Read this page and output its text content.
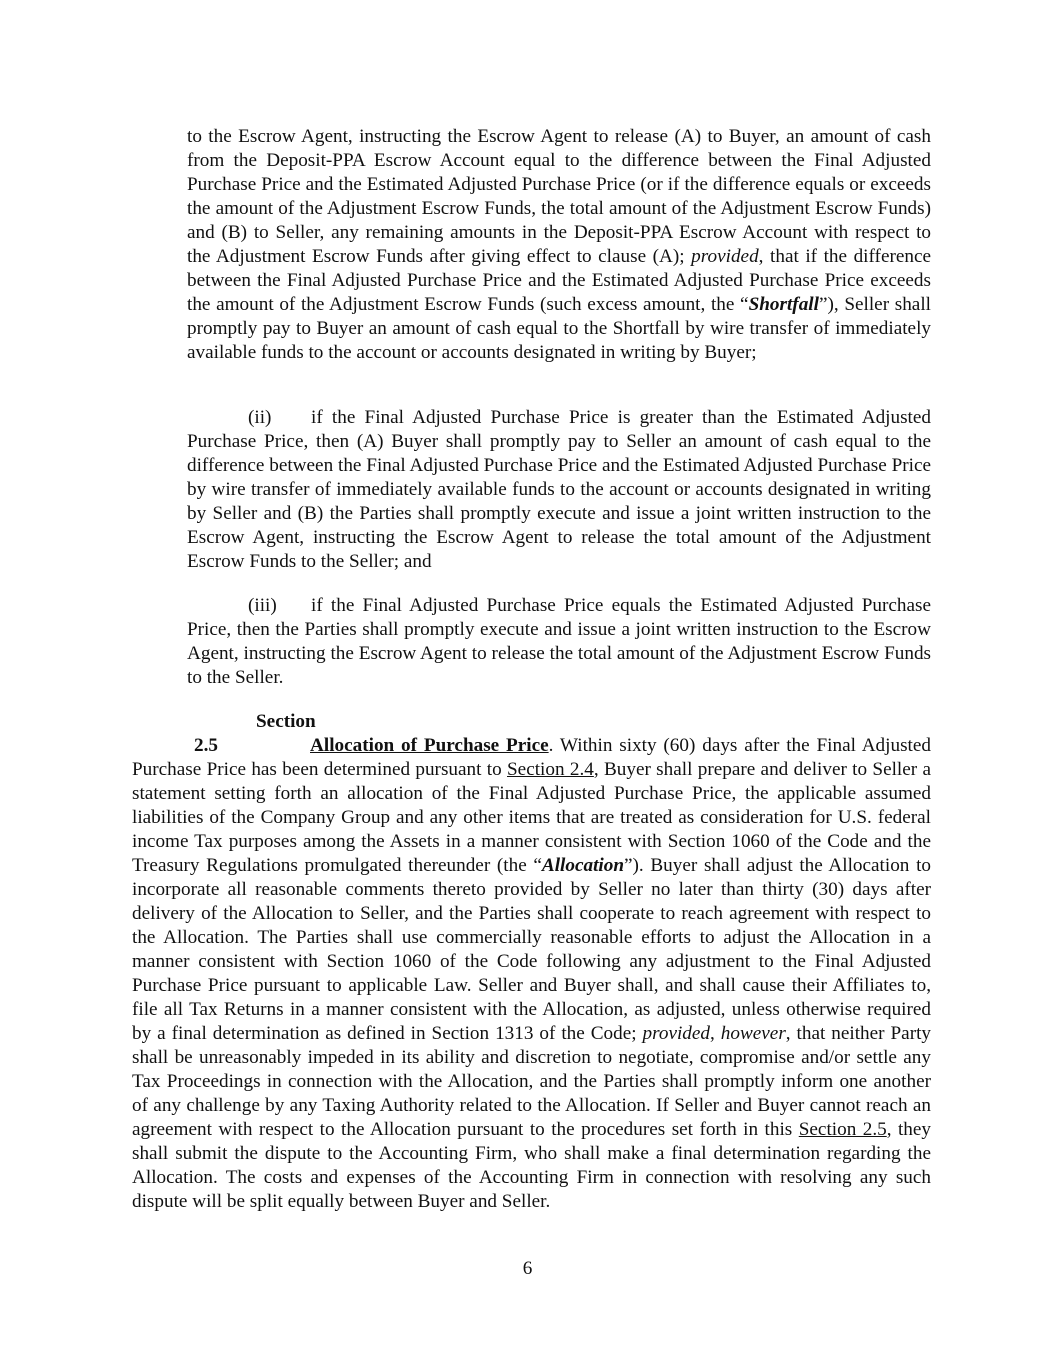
to the Escrow Agent, instructing the Escrow Agent to release (A) to Buyer, an amount of cash from the Deposit-PPA Escrow Account equal to the difference between the Final Adjusted Purchase Price and the Estimated Adjusted Purchase Price (or if the difference equals or exceeds the amount of the Adjustment Escrow Funds, the total amount of the Adjustment Escrow Funds) and (B) to Seller, any remaining amounts in the Deposit-PPA Escrow Account with respect to the Adjustment Escrow Funds after giving effect to clause (A); provided, that if the difference between the Final Adjusted Purchase Price and the Estimated Adjusted Purchase Price exceeds the amount of the Adjustment Escrow Funds (such excess amount, the “Shortfall”), Seller shall promptly pay to Buyer an amount of cash equal to the Shortfall by wire transfer of immediately available funds to the account or accounts designated in writing by Buyer;

(ii) if the Final Adjusted Purchase Price is greater than the Estimated Adjusted Purchase Price, then (A) Buyer shall promptly pay to Seller an amount of cash equal to the difference between the Final Adjusted Purchase Price and the Estimated Adjusted Purchase Price by wire transfer of immediately available funds to the account or accounts designated in writing by Seller and (B) the Parties shall promptly execute and issue a joint written instruction to the Escrow Agent, instructing the Escrow Agent to release the total amount of the Adjustment Escrow Funds to the Seller; and

(iii) if the Final Adjusted Purchase Price equals the Estimated Adjusted Purchase Price, then the Parties shall promptly execute and issue a joint written instruction to the Escrow Agent, instructing the Escrow Agent to release the total amount of the Adjustment Escrow Funds to the Seller.

Section 2.5	Allocation of Purchase Price. Within sixty (60) days after the Final Adjusted Purchase Price has been determined pursuant to Section 2.4, Buyer shall prepare and deliver to Seller a statement setting forth an allocation of the Final Adjusted Purchase Price, the applicable assumed liabilities of the Company Group and any other items that are treated as consideration for U.S. federal income Tax purposes among the Assets in a manner consistent with Section 1060 of the Code and the Treasury Regulations promulgated thereunder (the “Allocation”). Buyer shall adjust the Allocation to incorporate all reasonable comments thereto provided by Seller no later than thirty (30) days after delivery of the Allocation to Seller, and the Parties shall cooperate to reach agreement with respect to the Allocation. The Parties shall use commercially reasonable efforts to adjust the Allocation in a manner consistent with Section 1060 of the Code following any adjustment to the Final Adjusted Purchase Price pursuant to applicable Law. Seller and Buyer shall, and shall cause their Affiliates to, file all Tax Returns in a manner consistent with the Allocation, as adjusted, unless otherwise required by a final determination as defined in Section 1313 of the Code; provided, however, that neither Party shall be unreasonably impeded in its ability and discretion to negotiate, compromise and/or settle any Tax Proceedings in connection with the Allocation, and the Parties shall promptly inform one another of any challenge by any Taxing Authority related to the Allocation. If Seller and Buyer cannot reach an agreement with respect to the Allocation pursuant to the procedures set forth in this Section 2.5, they shall submit the dispute to the Accounting Firm, who shall make a final determination regarding the Allocation. The costs and expenses of the Accounting Firm in connection with resolving any such dispute will be split equally between Buyer and Seller.

6
